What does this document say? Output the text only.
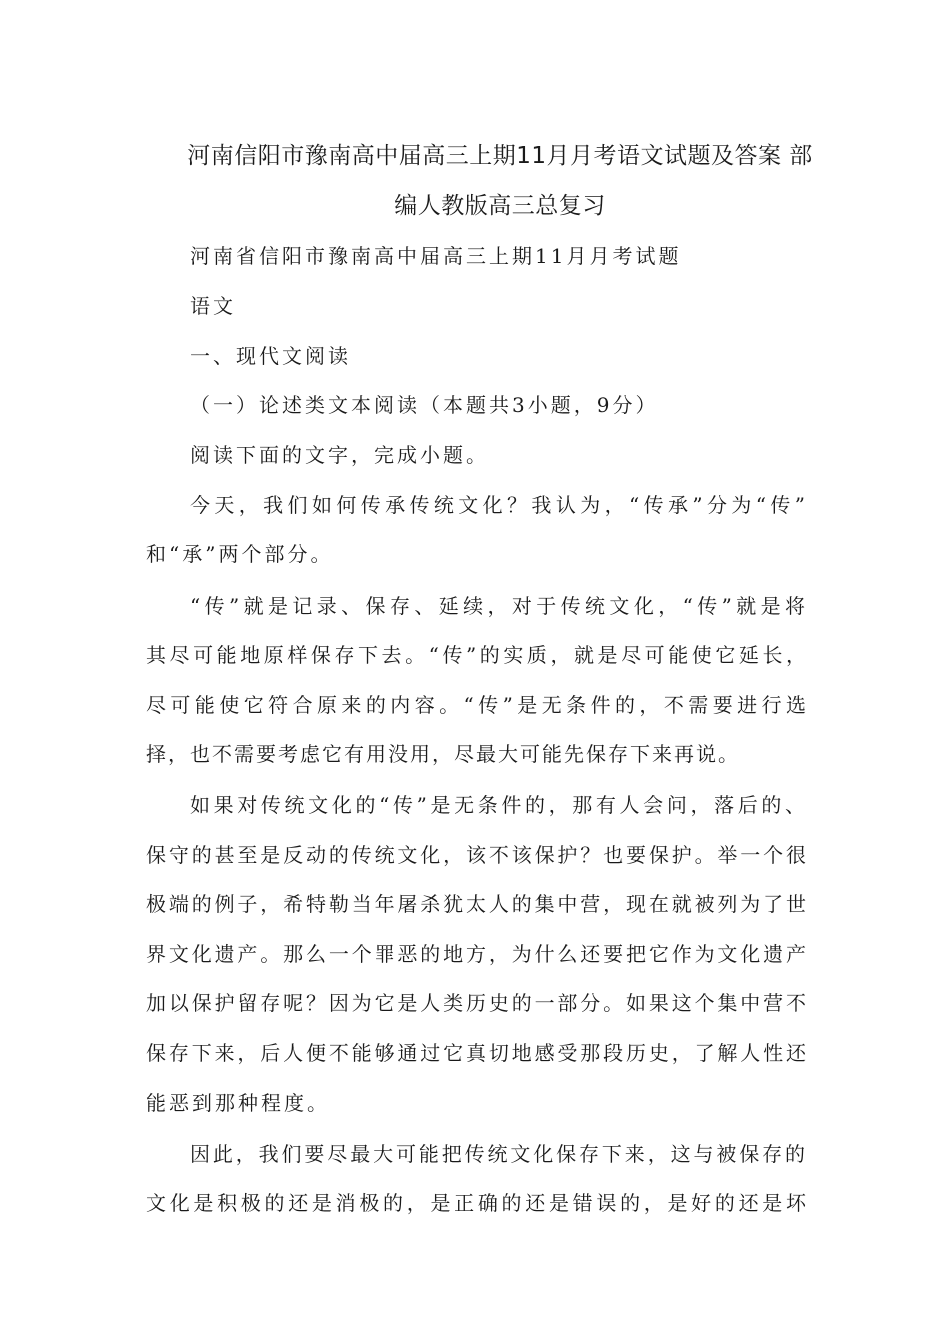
河南信阳市豫南高中届高三上期11月月考语文试题及答案 部
编人教版高三总复习
河南省信阳市豫南高中届高三上期11月月考试题
语文
一、现代文阅读
（一）论述类文本阅读（本题共3小题，9分）
阅读下面的文字，完成小题。
今天，我们如何传承传统文化？我认为，“传承”分为“传”
和“承”两个部分。
“传”就是记录、保存、延续，对于传统文化，“传”就是将
其尽可能地原样保存下去。“传”的实质，就是尽可能使它延长，
尽可能使它符合原来的内容。“传”是无条件的，不需要进行选
择，也不需要考虑它有用没用，尽最大可能先保存下来再说。
如果对传统文化的“传”是无条件的，那有人会问，落后的、
保守的甚至是反动的传统文化，该不该保护？也要保护。举一个很
极端的例子，希特勒当年屠杀犹太人的集中营，现在就被列为了世
界文化遗产。那么一个罪恶的地方，为什么还要把它作为文化遗产
加以保护留存呢？因为它是人类历史的一部分。如果这个集中营不
保存下来，后人便不能够通过它真切地感受那段历史，了解人性还
能恶到那种程度。
因此，我们要尽最大可能把传统文化保存下来，这与被保存的
文化是积极的还是消极的，是正确的还是错误的，是好的还是坏
